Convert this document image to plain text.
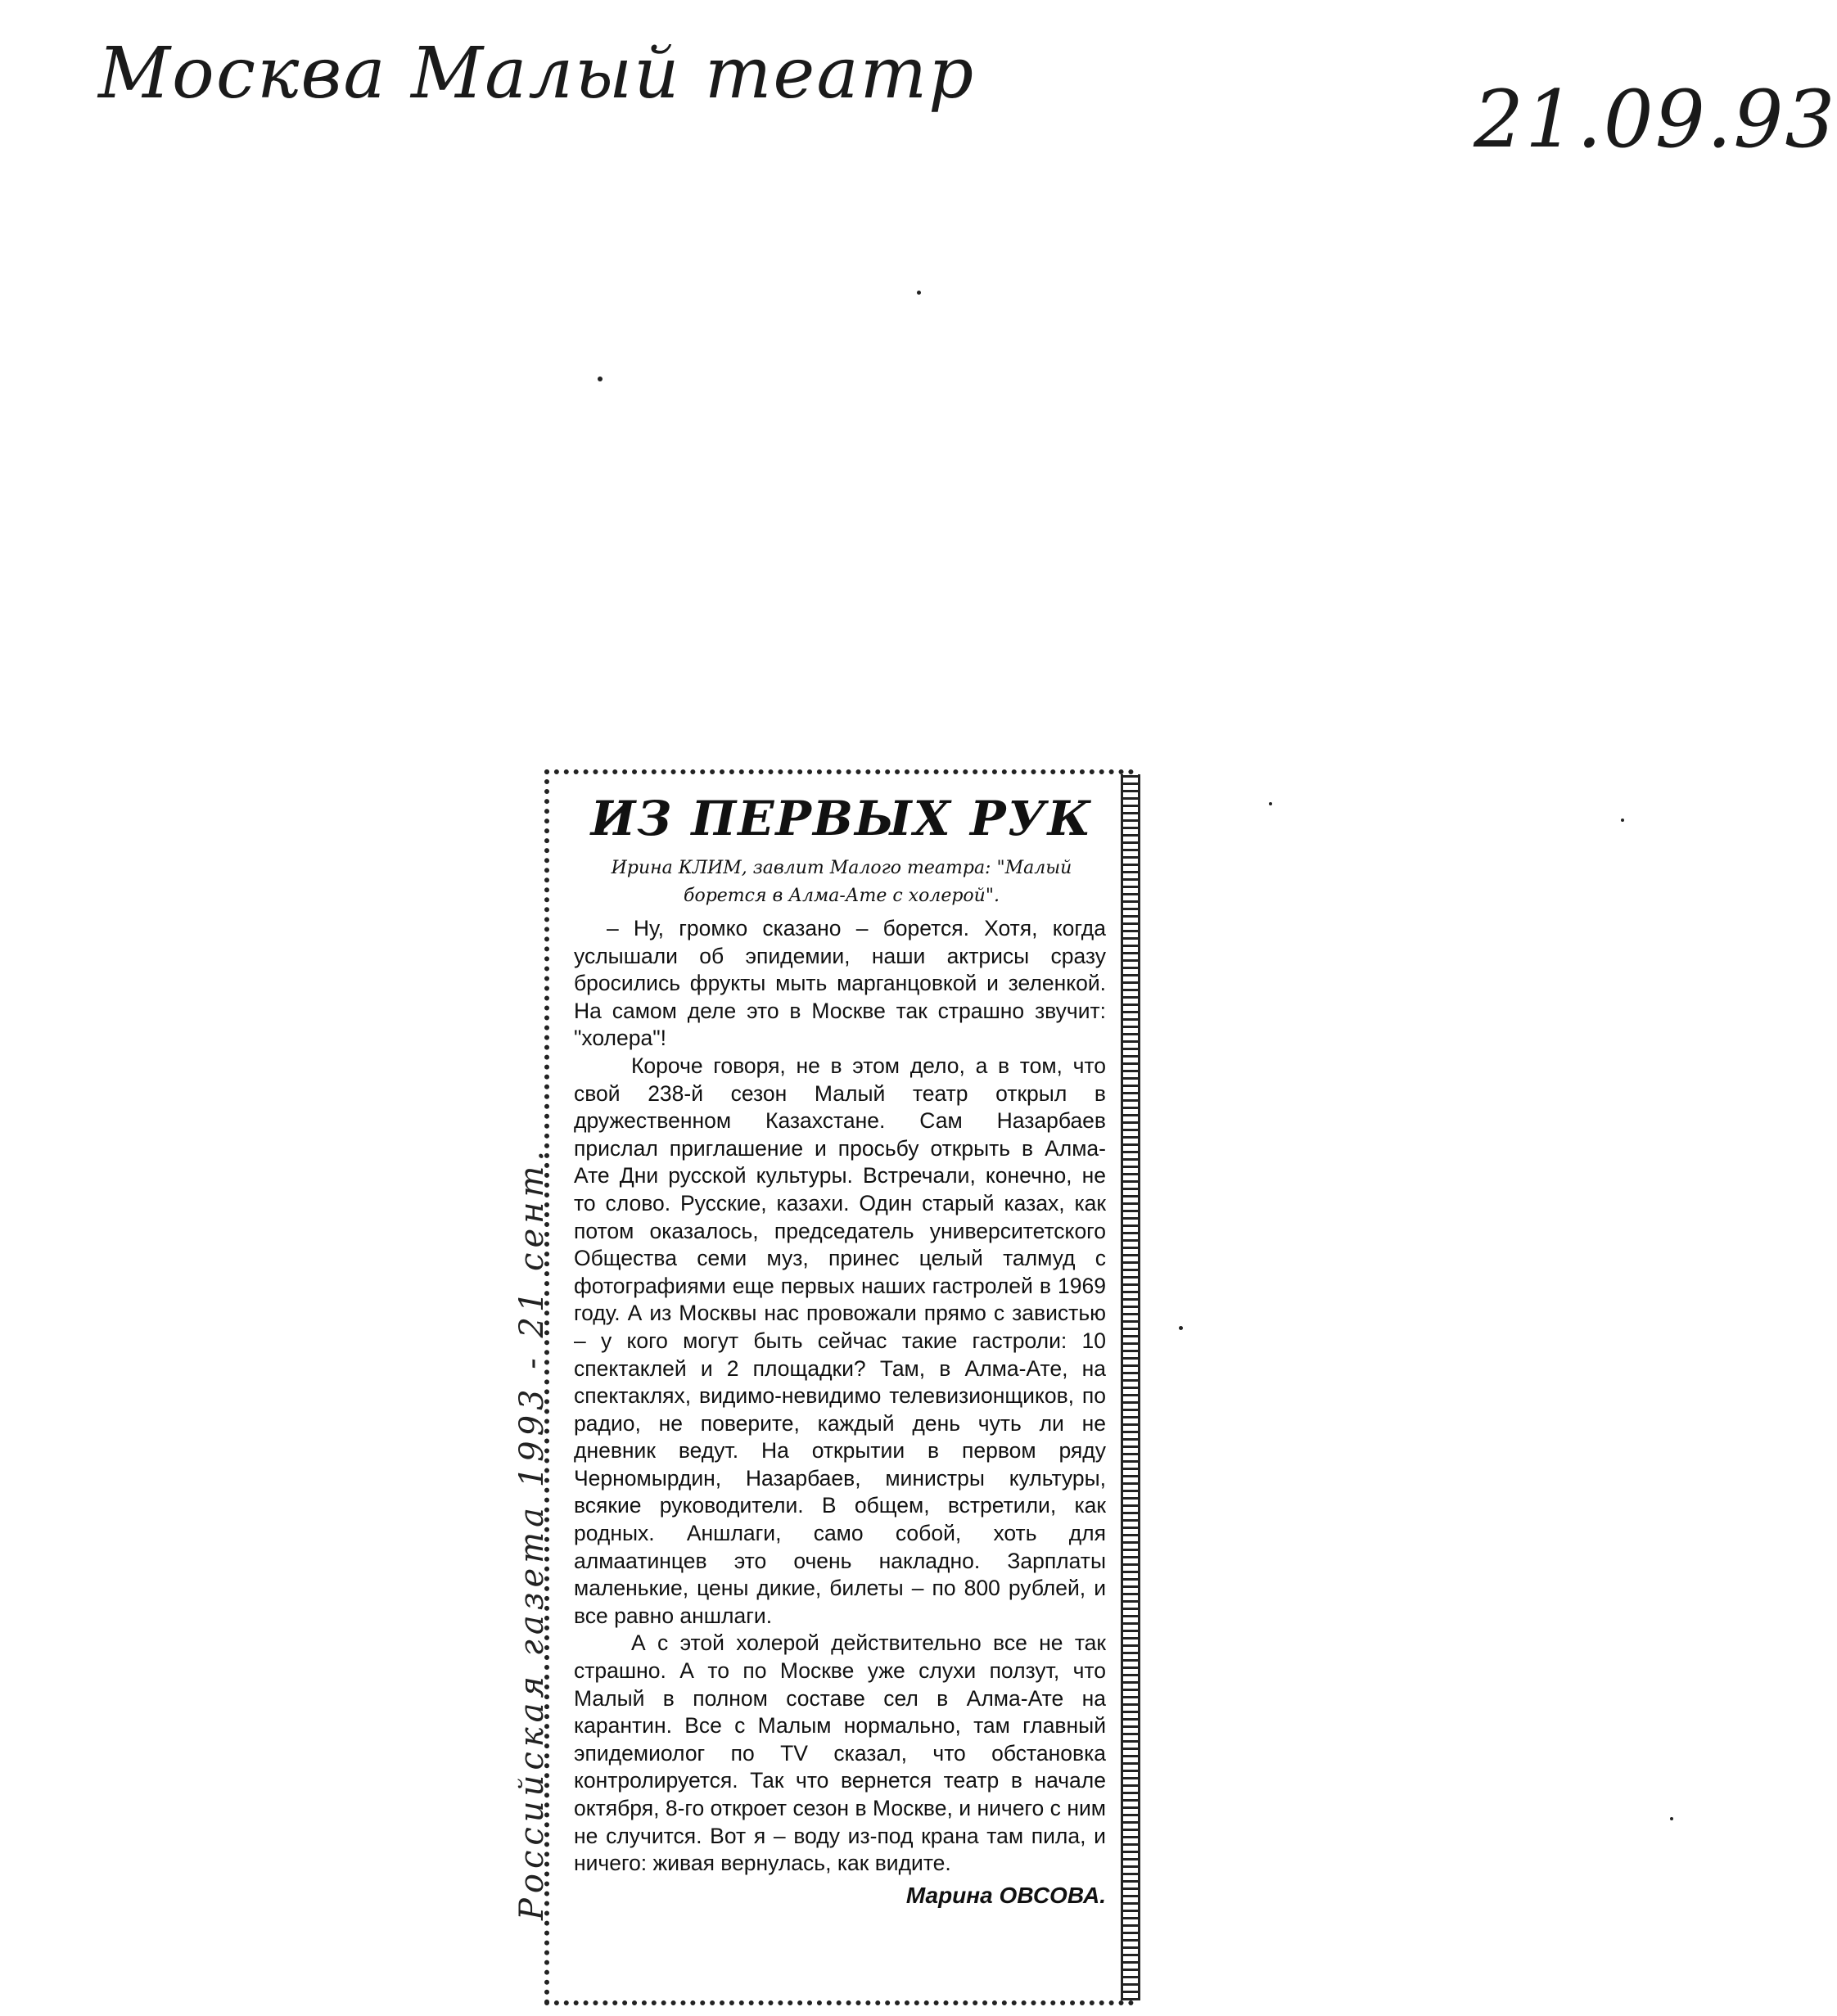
Москва Малый театр	21.09.93
Российская газета 1993 - 21 сент.
ИЗ ПЕРВЫХ РУК
Ирина КЛИМ, завлит Малого театра: "Малый борется в Алма-Ате с холерой".

– Ну, громко сказано – борется. Хотя, когда услышали об эпидемии, наши актрисы сразу бросились фрукты мыть марганцовкой и зеленкой. На самом деле это в Москве так страшно звучит: "холера"!

Короче говоря, не в этом дело, а в том, что свой 238-й сезон Малый театр открыл в дружественном Казахстане. Сам Назарбаев прислал приглашение и просьбу открыть в Алма-Ате Дни русской культуры. Встречали, конечно, не то слово. Русские, казахи. Один старый казах, как потом оказалось, председатель университетского Общества семи муз, принес целый талмуд с фотографиями еще первых наших гастролей в 1969 году. А из Москвы нас провожали прямо с завистью – у кого могут быть сейчас такие гастроли: 10 спектаклей и 2 площадки? Там, в Алма-Ате, на спектаклях, видимо-невидимо телевизионщиков, по радио, не поверите, каждый день чуть ли не дневник ведут. На открытии в первом ряду Черномырдин, Назарбаев, министры культуры, всякие руководители. В общем, встретили, как родных. Аншлаги, само собой, хоть для алмаатинцев это очень накладно. Зарплаты маленькие, цены дикие, билеты – по 800 рублей, и все равно аншлаги.

А с этой холерой действительно все не так страшно. А то по Москве уже слухи ползут, что Малый в полном составе сел в Алма-Ате на карантин. Все с Малым нормально, там главный эпидемиолог по TV сказал, что обстановка контролируется. Так что вернется театр в начале октября, 8-го откроет сезон в Москве, и ничего с ним не случится. Вот я – воду из-под крана там пила, и ничего: живая вернулась, как видите.

Марина ОВСОВА.
